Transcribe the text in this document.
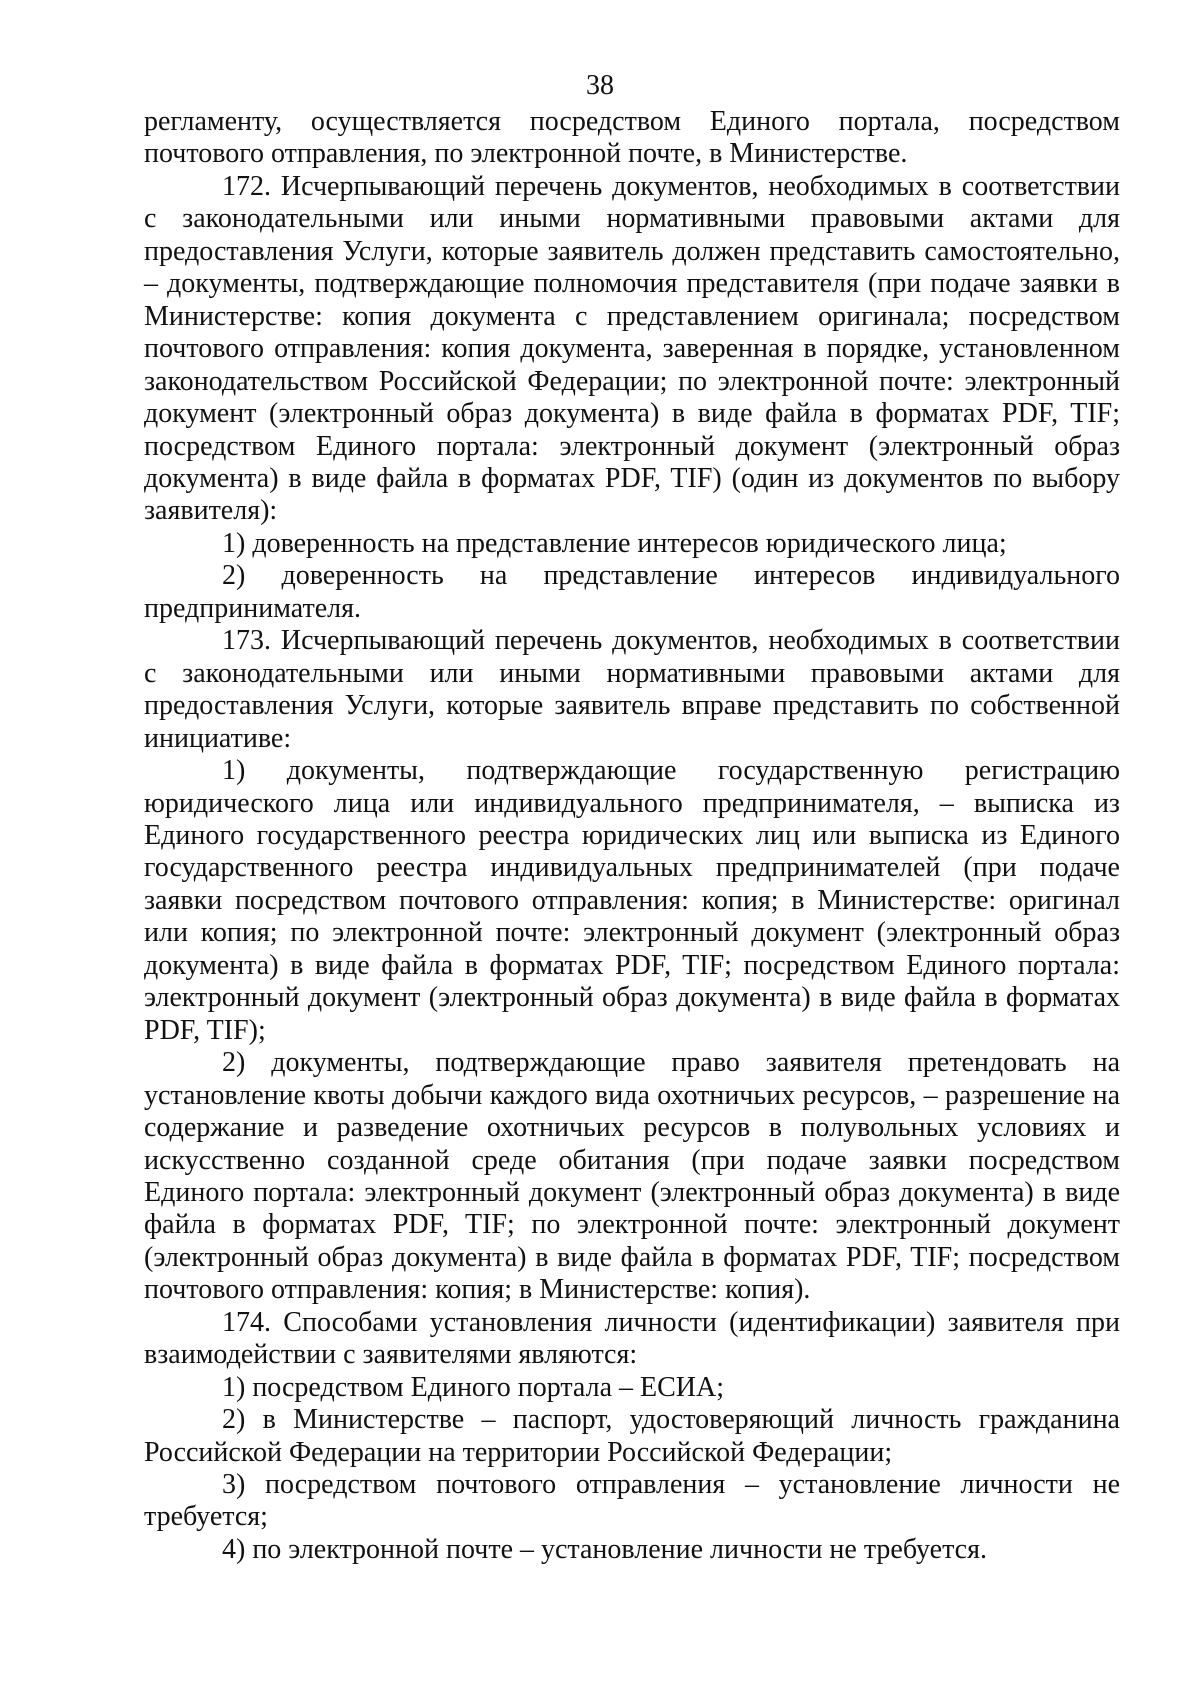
38

регламенту, осуществляется посредством Единого портала, посредством почтового отправления, по электронной почте, в Министерстве.

172. Исчерпывающий перечень документов, необходимых в соответствии с законодательными или иными нормативными правовыми актами для предоставления Услуги, которые заявитель должен представить самостоятельно, – документы, подтверждающие полномочия представителя (при подаче заявки в Министерстве: копия документа с представлением оригинала; посредством почтового отправления: копия документа, заверенная в порядке, установленном законодательством Российской Федерации; по электронной почте: электронный документ (электронный образ документа) в виде файла в форматах PDF, TIF; посредством Единого портала: электронный документ (электронный образ документа) в виде файла в форматах PDF, TIF) (один из документов по выбору заявителя):

1) доверенность на представление интересов юридического лица;

2) доверенность на представление интересов индивидуального предпринимателя.

173. Исчерпывающий перечень документов, необходимых в соответствии с законодательными или иными нормативными правовыми актами для предоставления Услуги, которые заявитель вправе представить по собственной инициативе:

1) документы, подтверждающие государственную регистрацию юридического лица или индивидуального предпринимателя, – выписка из Единого государственного реестра юридических лиц или выписка из Единого государственного реестра индивидуальных предпринимателей (при подаче заявки посредством почтового отправления: копия; в Министерстве: оригинал или копия; по электронной почте: электронный документ (электронный образ документа) в виде файла в форматах PDF, TIF; посредством Единого портала: электронный документ (электронный образ документа) в виде файла в форматах PDF, TIF);

2) документы, подтверждающие право заявителя претендовать на установление квоты добычи каждого вида охотничьих ресурсов, – разрешение на содержание и разведение охотничьих ресурсов в полувольных условиях и искусственно созданной среде обитания (при подаче заявки посредством Единого портала: электронный документ (электронный образ документа) в виде файла в форматах PDF, TIF; по электронной почте: электронный документ (электронный образ документа) в виде файла в форматах PDF, TIF; посредством почтового отправления: копия; в Министерстве: копия).

174. Способами установления личности (идентификации) заявителя при взаимодействии с заявителями являются:

1) посредством Единого портала – ЕСИА;

2) в Министерстве – паспорт, удостоверяющий личность гражданина Российской Федерации на территории Российской Федерации;

3) посредством почтового отправления – установление личности не требуется;

4) по электронной почте – установление личности не требуется.
